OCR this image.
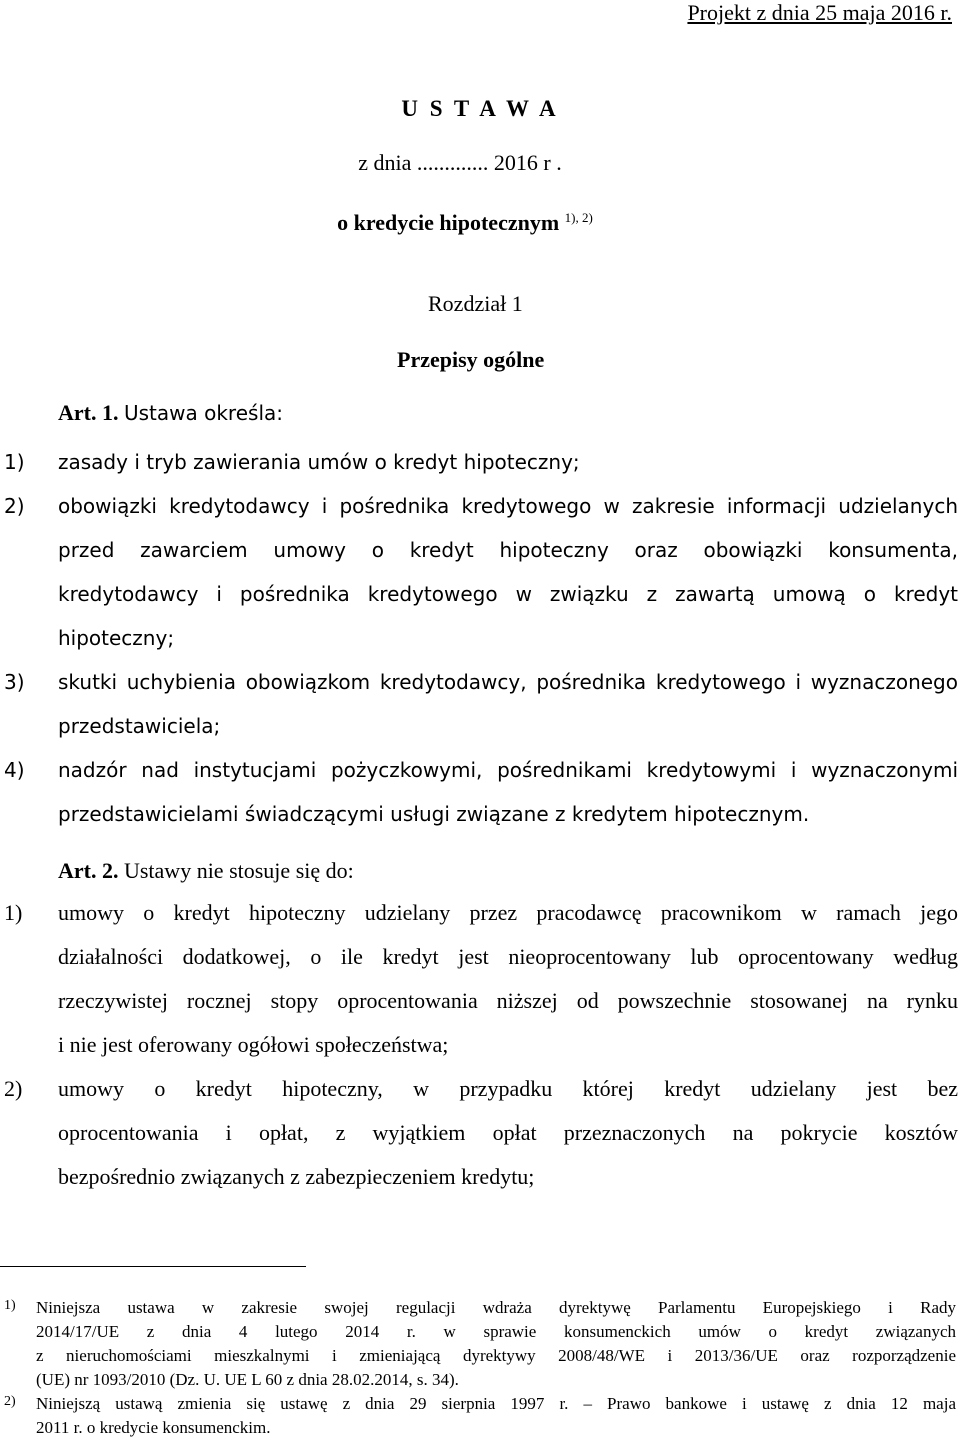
Projekt z dnia 25 maja 2016 r.
U S T A W A
z dnia ............. 2016 r .
o kredycie hipotecznym $^{1), 2)}$
Rozdział 1
Przepisy ogólne
Art. 1. Ustawa określa:
1) zasady i tryb zawierania umów o kredyt hipoteczny;
2) obowiązki kredytodawcy i pośrednika kredytowego w zakresie informacji udzielanych
przed zawarciem umowy o kredyt hipoteczny oraz obowiązki konsumenta,
kredytodawcy i pośrednika kredytowego w związku z zawartą umową o kredyt
hipoteczny;
3) skutki uchybienia obowiązkom kredytodawcy, pośrednika kredytowego i wyznaczonego
przedstawiciela;
4) nadzór nad instytucjami pożyczkowymi, pośrednikami kredytowymi i wyznaczonymi
przedstawicielami świadczącymi usługi związane z kredytem hipotecznym.
Art. 2. Ustawy nie stosuje się do:
1) umowy o kredyt hipoteczny udzielany przez pracodawcę pracownikom w ramach jego
działalności dodatkowej, o ile kredyt jest nieoprocentowany lub oprocentowany według
rzeczywistej rocznej stopy oprocentowania niższej od powszechnie stosowanej na rynku
i nie jest oferowany ogółowi społeczeństwa;
2) umowy o kredyt hipoteczny, w przypadku której kredyt udzielany jest bez
oprocentowania i opłat, z wyjątkiem opłat przeznaczonych na pokrycie kosztów
bezpośrednio związanych z zabezpieczeniem kredytu;
1) Niniejsza ustawa w zakresie swojej regulacji wdraża dyrektywę Parlamentu Europejskiego i Rady
2014/17/UE z dnia 4 lutego 2014 r. w sprawie konsumenckich umów o kredyt związanych
z nieruchomościami mieszkalnymi i zmieniającą dyrektywy 2008/48/WE i 2013/36/UE oraz rozporządzenie
(UE) nr 1093/2010 (Dz. U. UE L 60 z dnia 28.02.2014, s. 34).
2) Niniejszą ustawą zmienia się ustawę z dnia 29 sierpnia 1997 r. – Prawo bankowe i ustawę z dnia 12 maja
2011 r. o kredycie konsumenckim.
